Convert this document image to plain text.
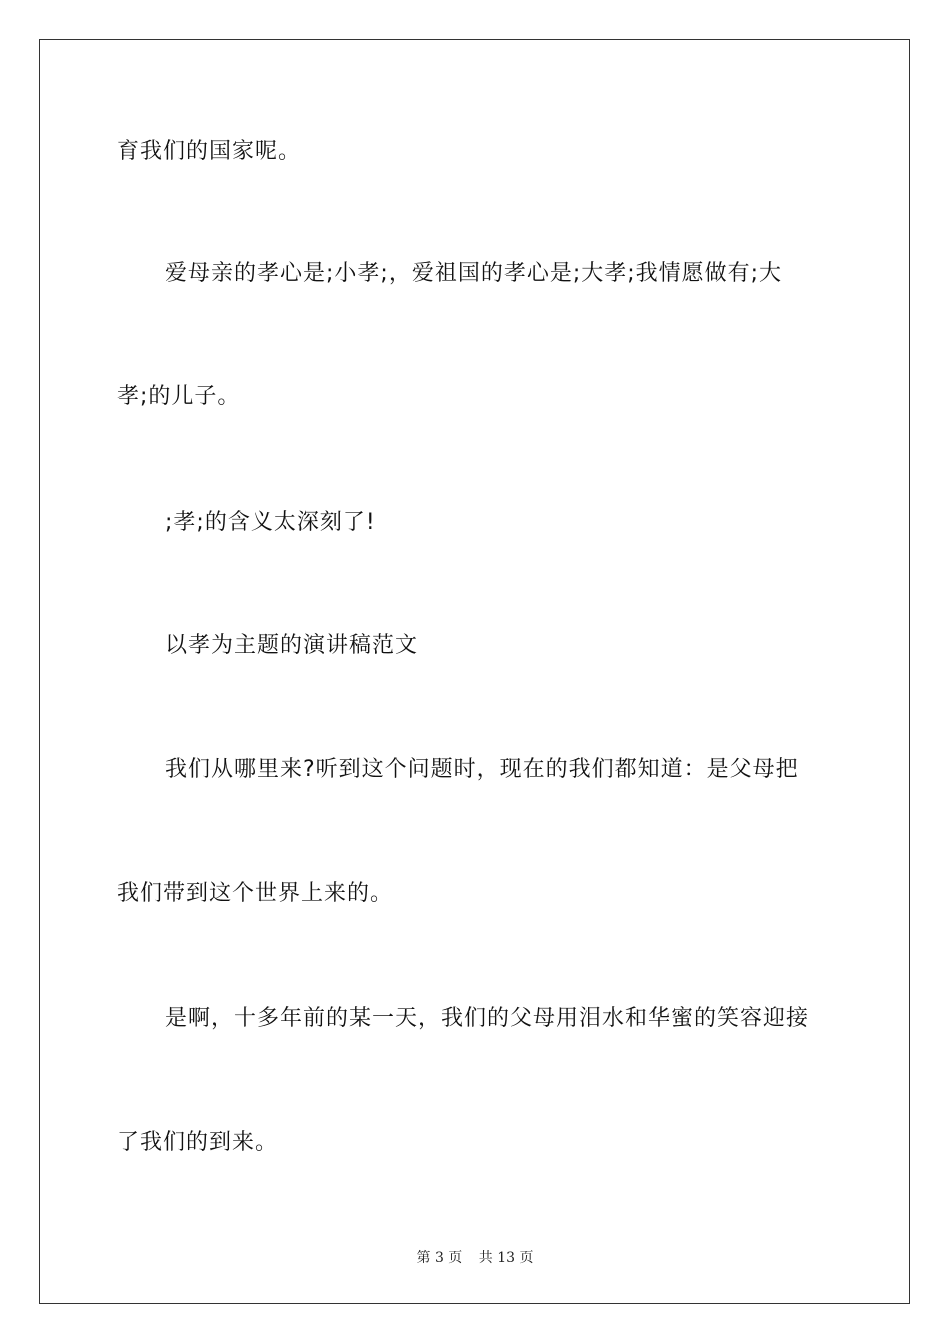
育我们的国家呢。
爱母亲的孝心是;小孝;，爱祖国的孝心是;大孝;我情愿做有;大
孝;的儿子。
;孝;的含义太深刻了!
以孝为主题的演讲稿范文
我们从哪里来?听到这个问题时，现在的我们都知道：是父母把
我们带到这个世界上来的。
是啊，十多年前的某一天，我们的父母用泪水和华蜜的笑容迎接
了我们的到来。
第 3 页 共 13 页
